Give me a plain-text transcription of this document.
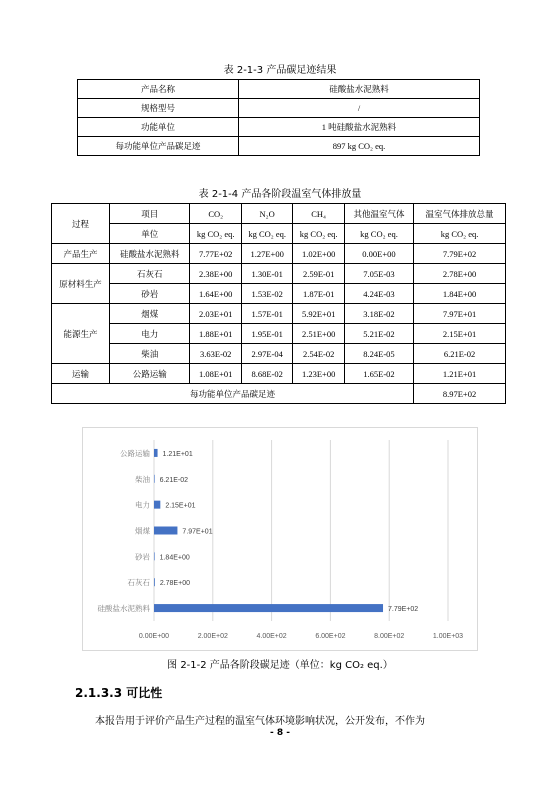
表 2-1-3 产品碳足迹结果
产品名称	硅酸盐水泥熟料
规格型号	/
功能单位	1 吨硅酸盐水泥熟料
每功能单位产品碳足迹	897 kg CO₂ eq.
表 2-1-4 产品各阶段温室气体排放量
过程	项目	CO₂	N₂O	CH₄	其他温室气体	温室气体排放总量
	单位	kg CO₂ eq.	kg CO₂ eq.	kg CO₂ eq.	kg CO₂ eq.	kg CO₂ eq.
产品生产	硅酸盐水泥熟料	7.77E+02	1.27E+00	1.02E+00	0.00E+00	7.79E+02
原材料生产	石灰石	2.38E+00	1.30E-01	2.59E-01	7.05E-03	2.78E+00
	砂岩	1.64E+00	1.53E-02	1.87E-01	4.24E-03	1.84E+00
能源生产	烟煤	2.03E+01	1.57E-01	5.92E+01	3.18E-02	7.97E+01
	电力	1.88E+01	1.95E-01	2.51E+00	5.21E-02	2.15E+01
	柴油	3.63E-02	2.97E-04	2.54E-02	8.24E-05	6.21E-02
运输	公路运输	1.08E+01	8.68E-02	1.23E+00	1.65E-02	1.21E+01
每功能单位产品碳足迹						8.97E+02
0.00E+00	2.00E+02	4.00E+02	6.00E+02	8.00E+02	1.00E+03
公路运输 1.21E+01
柴油 6.21E-02
电力 2.15E+01
烟煤	7.97E+01
砂岩 1.84E+00
石灰石 2.78E+00
硅酸盐水泥熟料	7.79E+02
图 2-1-2 产品各阶段碳足迹（单位：kg CO₂ eq.）
2.1.3.3 可比性
本报告用于评价产品生产过程的温室气体环境影响状况，公开发布，不作为
- 8 -
